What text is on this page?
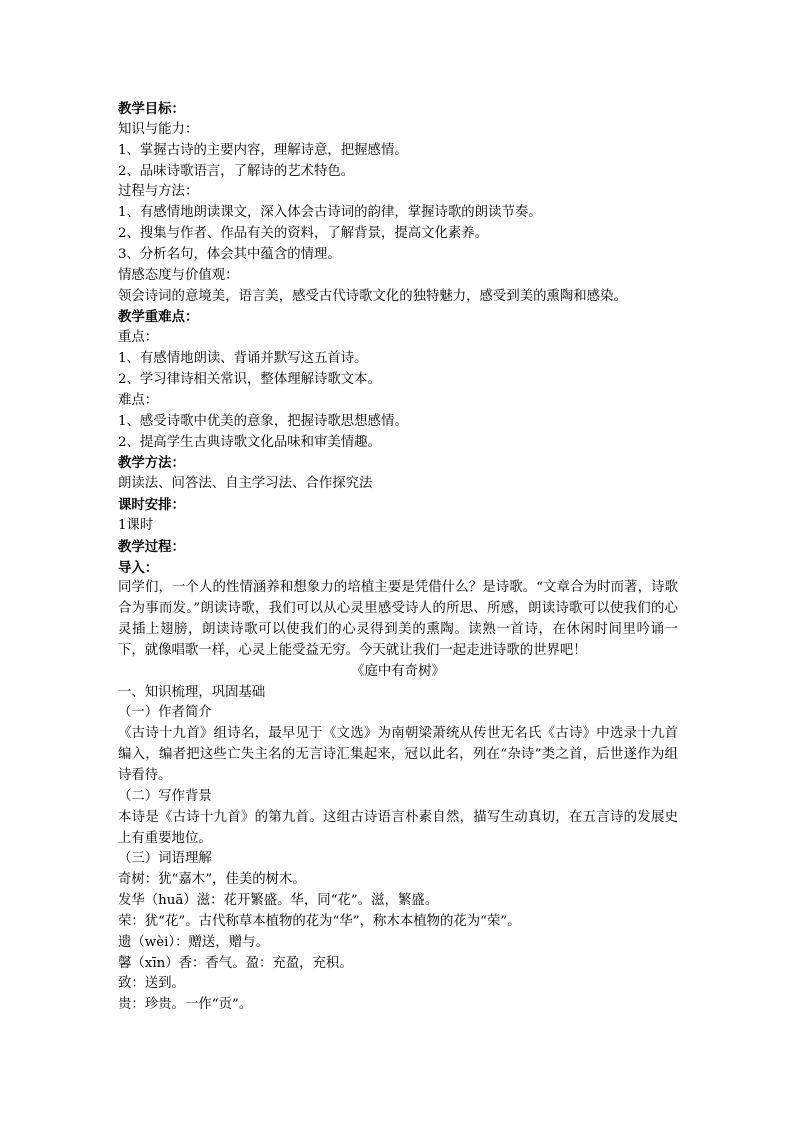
教学目标：
知识与能力：
1、掌握古诗的主要内容，理解诗意，把握感情。
2、品味诗歌语言，了解诗的艺术特色。
过程与方法：
1、有感情地朗读课文，深入体会古诗词的韵律，掌握诗歌的朗读节奏。
2、搜集与作者、作品有关的资料，了解背景，提高文化素养。
3、分析名句，体会其中蕴含的情理。
情感态度与价值观：
领会诗词的意境美，语言美，感受古代诗歌文化的独特魅力，感受到美的熏陶和感染。
教学重难点：
重点：
1、有感情地朗读、背诵并默写这五首诗。
2、学习律诗相关常识，整体理解诗歌文本。
难点：
1、感受诗歌中优美的意象，把握诗歌思想感情。
2、提高学生古典诗歌文化品味和审美情趣。
教学方法：
朗读法、问答法、自主学习法、合作探究法
课时安排：
1课时
教学过程：
导入：
同学们，一个人的性情涵养和想象力的培植主要是凭借什么？是诗歌。“文章合为时而著，诗歌合为事而发。”朗读诗歌，我们可以从心灵里感受诗人的所思、所感，朗读诗歌可以使我们的心灵插上翅膀，朗读诗歌可以使我们的心灵得到美的熏陶。读熟一首诗，在休闲时间里吟诵一下，就像唱歌一样，心灵上能受益无穷。今天就让我们一起走进诗歌的世界吧！
《庭中有奇树》
一、知识梳理，巩固基础
（一）作者简介
《古诗十九首》组诗名，最早见于《文选》为南朝梁萧统从传世无名氏《古诗》中选录十九首编入，编者把这些亡失主名的无言诗汇集起来，冠以此名，列在“杂诗”类之首，后世遂作为组诗看待。
（二）写作背景
本诗是《古诗十九首》的第九首。这组古诗语言朴素自然，描写生动真切，在五言诗的发展史上有重要地位。
（三）词语理解
奇树：犹“嘉木”，佳美的树木。
发华（huā）滋：花开繁盛。华，同“花”。滋，繁盛。
荣：犹“花”。古代称草本植物的花为“华”，称木本植物的花为“荣”。
遗（wèi）：赠送，赠与。
馨（xīn）香：香气。盈：充盈，充积。
致：送到。
贵：珍贵。一作“贡”。
